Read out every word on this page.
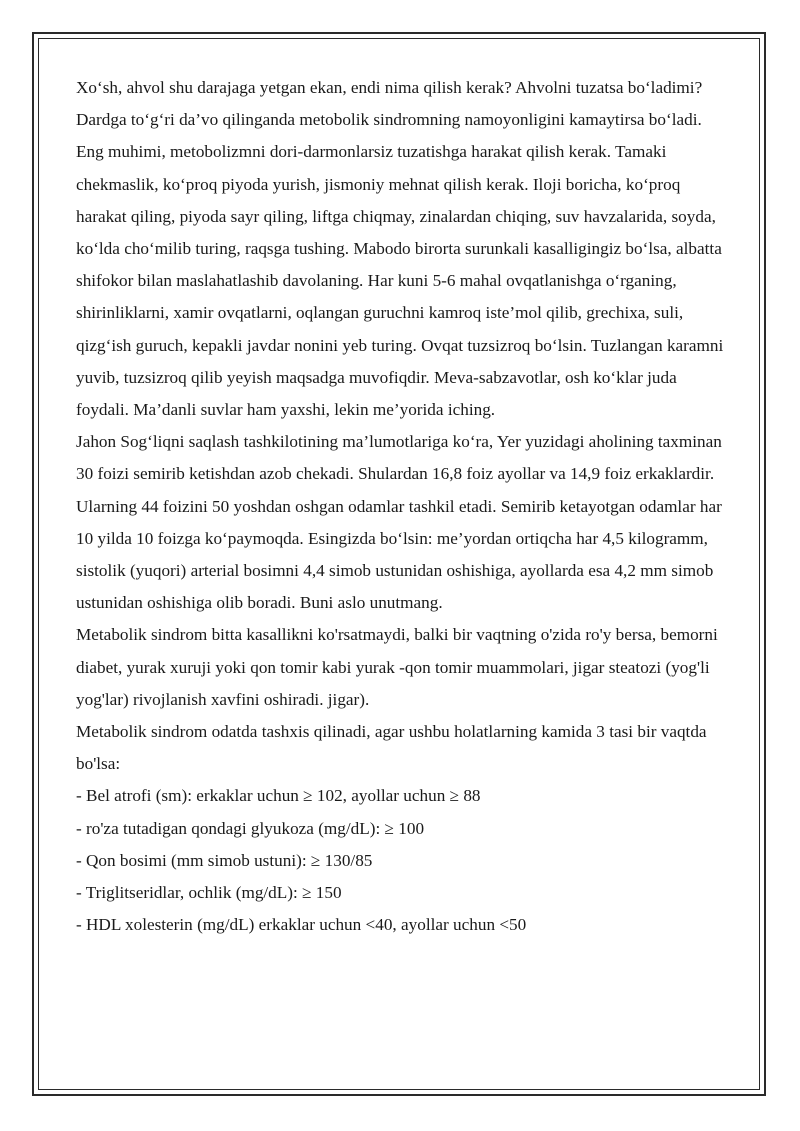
Xo‘sh, ahvol shu darajaga yetgan ekan, endi nima qilish kerak? Ahvolni tuzatsa bo‘ladimi?

Dardga to‘g‘ri da’vo qilinganda metobolik sindromning namoyonligini kamaytirsa bo‘ladi. Eng muhimi, metobolizmni dori-darmonlarsiz tuzatishga harakat qilish kerak. Tamaki chekmaslik, ko‘proq piyoda yurish, jismoniy mehnat qilish kerak. Iloji boricha, ko‘proq harakat qiling, piyoda sayr qiling, liftga chiqmay, zinalardan chiqing, suv havzalarida, soyda, ko‘lda cho‘milib turing, raqsga tushing. Mabodo birorta surunkali kasalligingiz bo‘lsa, albatta shifokor bilan maslahatlashib davolaning. Har kuni 5-6 mahal ovqatlanishga o‘rganing, shirinliklarni, xamir ovqatlarni, oqlangan guruchni kamroq iste’mol qilib, grechixa, suli, qizg‘ish guruch, kepakli javdar nonini yeb turing. Ovqat tuzsizroq bo‘lsin. Tuzlangan karamni yuvib, tuzsizroq qilib yeyish maqsadga muvofiqdir. Meva-sabzavotlar, osh ko‘klar juda foydali. Ma’danli suvlar ham yaxshi, lekin me’yorida iching.

Jahon Sog‘liqni saqlash tashkilotining ma’lumotlariga ko‘ra, Yer yuzidagi aholining taxminan 30 foizi semirib ketishdan azob chekadi. Shulardan 16,8 foiz ayollar va 14,9 foiz erkaklardir. Ularning 44 foizini 50 yoshdan oshgan odamlar tashkil etadi. Semirib ketayotgan odamlar har 10 yilda 10 foizga ko‘paymoqda. Esingizda bo‘lsin: me’yordan ortiqcha har 4,5 kilogramm, sistolik (yuqori) arterial bosimni 4,4 simob ustunidan oshishiga, ayollarda esa 4,2 mm simob ustunidan oshishiga olib boradi. Buni aslo unutmang.

Metabolik sindrom bitta kasallikni ko'rsatmaydi, balki bir vaqtning o'zida ro'y bersa, bemorni diabet, yurak xuruji yoki qon tomir kabi yurak -qon tomir muammolari, jigar steatozi (yog'li yog'lar) rivojlanish xavfini oshiradi. jigar).

Metabolik sindrom odatda tashxis qilinadi, agar ushbu holatlarning kamida 3 tasi bir vaqtda bo'lsa:

- Bel atrofi (sm): erkaklar uchun ≥ 102, ayollar uchun ≥ 88

- ro'za tutadigan qondagi glyukoza (mg/dL): ≥ 100

- Qon bosimi (mm simob ustuni): ≥ 130/85

- Triglitseridlar, ochlik (mg/dL): ≥ 150

- HDL xolesterin (mg/dL) erkaklar uchun <40, ayollar uchun <50
